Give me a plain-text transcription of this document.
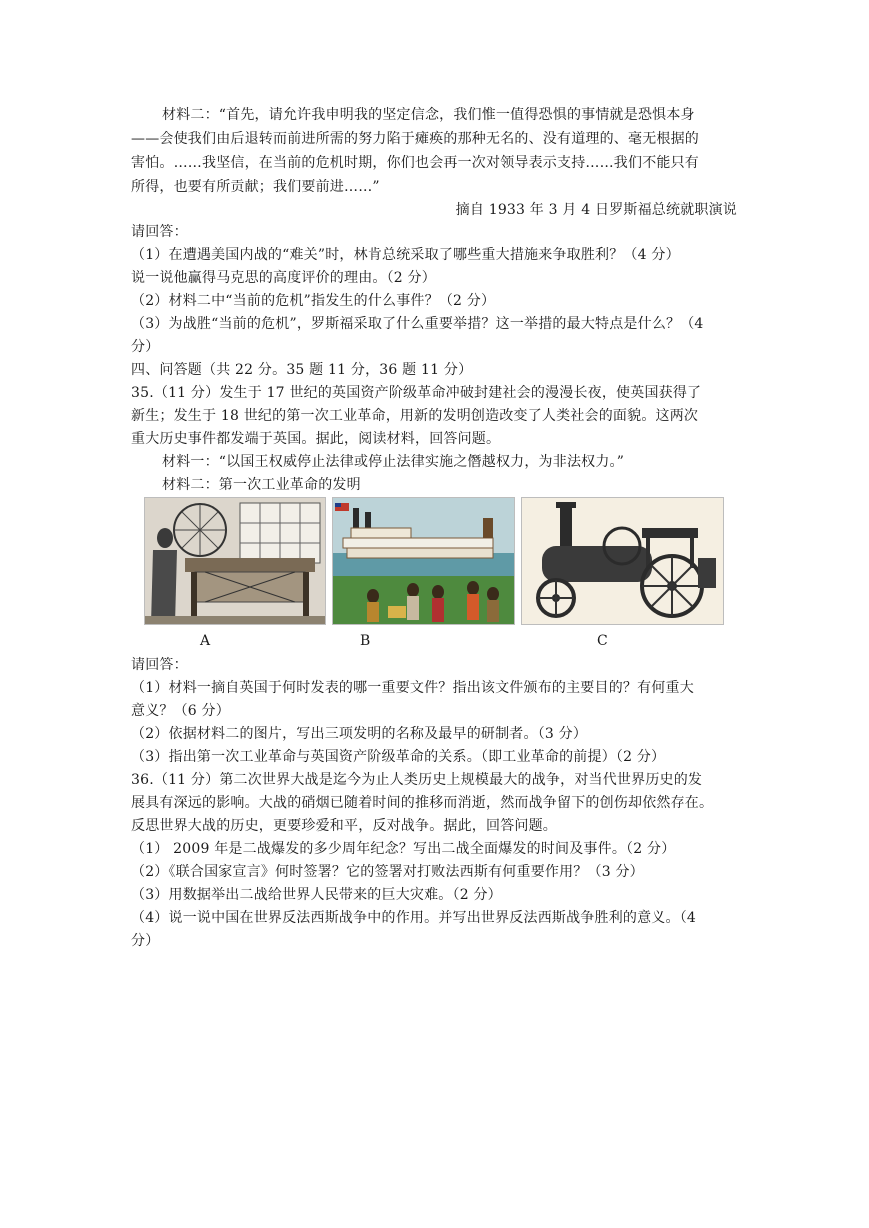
材料二：“首先，请允许我申明我的坚定信念，我们惟一值得恐惧的事情就是恐惧本身
——会使我们由后退转而前进所需的努力陷于瘫痪的那种无名的、没有道理的、毫无根据的
害怕。……我坚信，在当前的危机时期，你们也会再一次对领导表示支持……我们不能只有
所得，也要有所贡献；我们要前进……”
摘自 1933 年 3 月 4 日罗斯福总统就职演说
请回答：
（1）在遭遇美国内战的“难关”时，林肯总统采取了哪些重大措施来争取胜利？（4 分）
说一说他赢得马克思的高度评价的理由。（2 分）
（2）材料二中“当前的危机”指发生的什么事件？（2 分）
（3）为战胜“当前的危机”，罗斯福采取了什么重要举措？这一举措的最大特点是什么？（4
分）
四、问答题（共 22 分。35 题 11 分，36 题 11 分）
35.（11 分）发生于 17 世纪的英国资产阶级革命冲破封建社会的漫漫长夜，使英国获得了
新生；发生于 18 世纪的第一次工业革命，用新的发明创造改变了人类社会的面貌。这两次
重大历史事件都发端于英国。据此，阅读材料，回答问题。
材料一：“以国王权威停止法律或停止法律实施之僭越权力，为非法权力。”
材料二：第一次工业革命的发明
A	B	C
请回答：
（1）材料一摘自英国于何时发表的哪一重要文件？指出该文件颁布的主要目的？有何重大
意义？（6 分）
（2）依据材料二的图片，写出三项发明的名称及最早的研制者。（3 分）
（3）指出第一次工业革命与英国资产阶级革命的关系。（即工业革命的前提）（2 分）
36.（11 分）第二次世界大战是迄今为止人类历史上规模最大的战争，对当代世界历史的发
展具有深远的影响。大战的硝烟已随着时间的推移而消逝，然而战争留下的创伤却依然存在。
反思世界大战的历史，更要珍爱和平，反对战争。据此，回答问题。
（1） 2009 年是二战爆发的多少周年纪念？写出二战全面爆发的时间及事件。（2 分）
（2）《联合国家宣言》何时签署？它的签署对打败法西斯有何重要作用？（3 分）
（3）用数据举出二战给世界人民带来的巨大灾难。（2 分）
（4）说一说中国在世界反法西斯战争中的作用。并写出世界反法西斯战争胜利的意义。（4
分）
